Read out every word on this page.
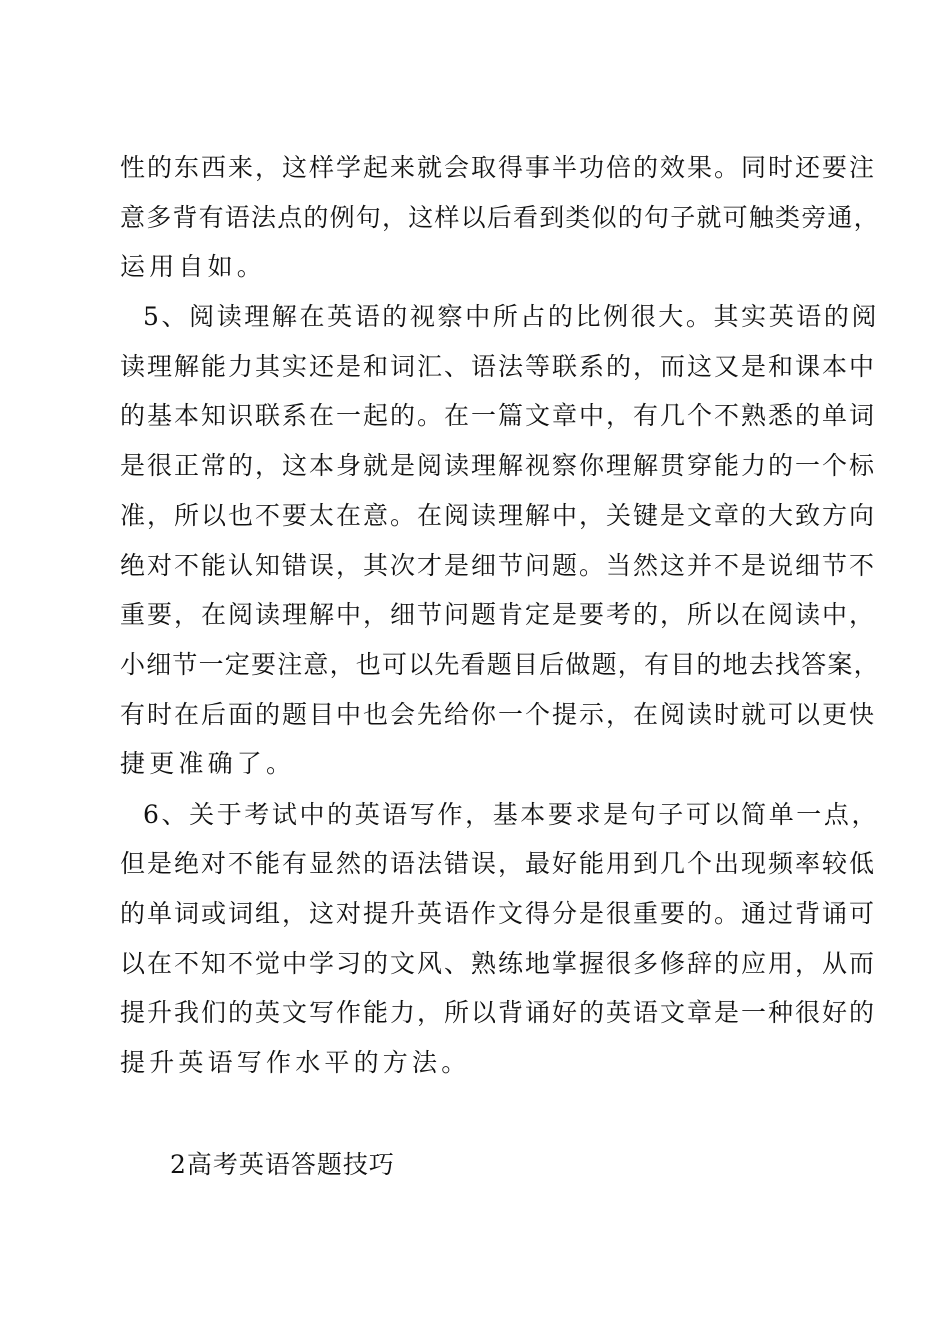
性的东西来，这样学起来就会取得事半功倍的效果。同时还要注
意多背有语法点的例句，这样以后看到类似的句子就可触类旁通，
运用自如。
5、阅读理解在英语的视察中所占的比例很大。其实英语的阅
读理解能力其实还是和词汇、语法等联系的，而这又是和课本中
的基本知识联系在一起的。在一篇文章中，有几个不熟悉的单词
是很正常的，这本身就是阅读理解视察你理解贯穿能力的一个标
准，所以也不要太在意。在阅读理解中，关键是文章的大致方向
绝对不能认知错误，其次才是细节问题。当然这并不是说细节不
重要，在阅读理解中，细节问题肯定是要考的，所以在阅读中，
小细节一定要注意，也可以先看题目后做题，有目的地去找答案，
有时在后面的题目中也会先给你一个提示，在阅读时就可以更快
捷更准确了。
6、关于考试中的英语写作，基本要求是句子可以简单一点，
但是绝对不能有显然的语法错误，最好能用到几个出现频率较低
的单词或词组，这对提升英语作文得分是很重要的。通过背诵可
以在不知不觉中学习的文风、熟练地掌握很多修辞的应用，从而
提升我们的英文写作能力，所以背诵好的英语文章是一种很好的
提升英语写作水平的方法。
2高考英语答题技巧
